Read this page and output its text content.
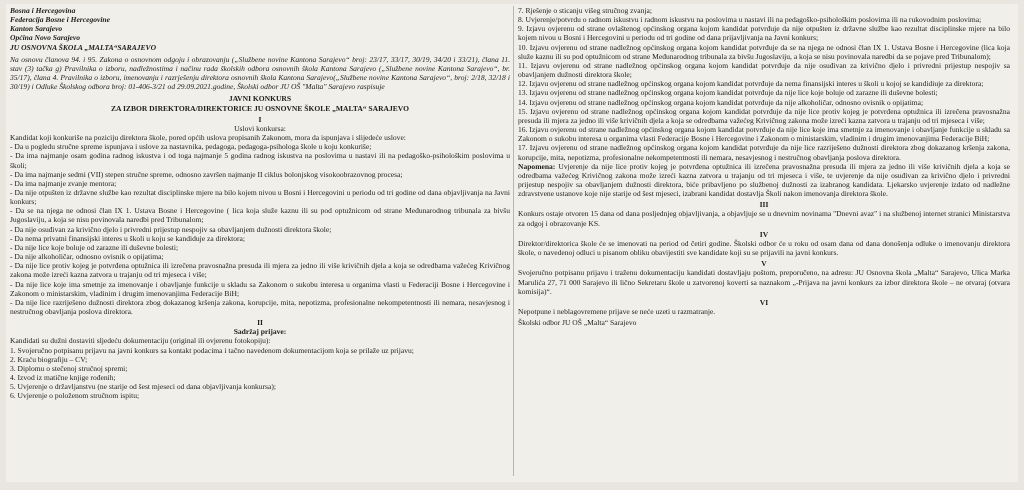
Bosna i Hercegovina

Federacija Bosne i Hercegovine

Kanton Sarajevo

Općina Novo Sarajevo

JU OSNOVNA ŠKOLA „MALTA“SARAJEVO

Na osnovu članova 94. i 95. Zakona o osnovnom odgoju i obrazovanju („Službene novine Kantona Sarajevo“ broj: 23/17, 33/17, 30/19, 34/20 i 33/21), člana 11. stav (3) tačka g) Pravilnika o izboru, nadležnostima i načinu rada školskih odbora osnovnih škola Kantona Sarajevo („Službene novine Kantona Sarajevo“, br. 35/17), člana 4. Pravilnika o izboru, imenovanju i razrješenju direktora osnovnih škola Kantona Sarajevo(„Službene novine Kantona Sarajevo“, broj: 2/18, 32/18 i 30/19) i Odluke Školskog odbora broj: 01-406-3/21 od 29.09.2021.godine, Školski odbor JU OŠ "Malta" Sarajevo raspisuje

JAVNI KONKURS

ZA IZBOR DIREKTORA/DIREKTORICE JU OSNOVNE ŠKOLE „MALTA“ SARAJEVO

I

Uslovi konkursa:

Kandidat koji konkuriše na poziciju direktora škole, pored općih uslova propisanih Zakonom, mora da ispunjava i slijedeće uslove:

- Da u pogledu stručne spreme ispunjava i uslove za nastavnika, pedagoga, pedagoga-psihologa škole u koju konkuriše;

- Da ima najmanje osam godina radnog iskustva i od toga najmanje 5 godina radnog iskustva na poslovima u nastavi ili na pedagoško-psihološkim poslovima u školi;

- Da ima najmanje sedmi (VII) stepen stručne spreme, odnosno završen najmanje II ciklus bolonjskog visokoobrazovnog procesa;

- Da ima najmanje zvanje mentora;

- Da nije otpušten iz državne službe kao rezultat disciplinske mjere na bilo kojem nivou u Bosni i Hercegovini u periodu od tri godine od dana objavljivanja na Javni konkurs;

- Da se na njega ne odnosi član IX 1. Ustava Bosne i Hercegovine ( lica koja služe kaznu ili su pod optužnicom od strane Međunarodnog tribunala za bivšu Jugoslaviju, a koja se nisu povinovala naredbi pred Tribunalom;

- Da nije osuđivan za krivično djelo i privredni prijestup nespojiv sa obavljanjem dužnosti direktora škole;

- Da nema privatni finansijski interes u školi u koju se kandiduje za direktora;

- Da nije lice koje boluje od zarazne ili duševne bolesti;

- Da nije alkoholičar, odnosno ovisnik o opijatima;

- Da nije lice protiv kojeg je potvrđena optužnica ili izrečena pravosnažna presuda ili mjera za jedno ili više krivičnih djela a koja se odredbama važećeg Krivičnog zakona može izreći kazna zatvora u trajanju od tri mjeseca i više;

- Da nije lice koje ima smetnje za imenovanje i obavljanje funkcije u skladu sa Zakonom o sukobu interesa u organima vlasti u Federaciji Bosne i Hercegovine i Zakonom o ministarskim, vladinim i drugim imenovanjima Federacije BiH;

- Da nije lice razriješeno dužnosti direktora zbog dokazanog kršenja zakona, korupcije, mita, nepotizma, profesionalne nekompetentnosti ili nemara, nesavjesnog i nestručnog obavljanja poslova direktora.

II

Sadržaj prijave:

Kandidati su dužni dostaviti sljedeću dokumentaciju (original ili ovjerenu fotokopiju):

1. Svojeručno potpisanu prijavu na javni konkurs sa kontakt podacima i tačno navedenom dokumentacijom koja se prilaže uz prijavu;

2. Kraću biografiju – CV;

3. Diplomu o stečenoj stručnoj spremi;

4. Izvod iz matične knjige rođenih;

5. Uvjerenje o državljanstvu (ne starije od šest mjeseci od dana objavljivanja konkursa);

6. Uvjerenje o položenom stručnom ispitu;

7. Rješenje o sticanju višeg stručnog zvanja;

8. Uvjerenje/potvrdu o radnom iskustvu i radnom iskustvu na poslovima u nastavi ili na pedagoško-psihološkim poslovima ili na rukovodnim poslovima;

9. Izjavu ovjerenu od strane ovlaštenog općinskog organa kojom kandidat potvrđuje da nije otpušten iz državne službe kao rezultat disciplinske mjere na bilo kojem nivou u Bosni i Hercegovini u periodu od tri godine od dana prijavljivanja na Javni konkurs;

10. Izjavu ovjerenu od strane nadležnog općinskog organa kojom kandidat potvrđuje da se na njega ne odnosi član IX 1. Ustava Bosne i Hercegovine (lica koja služe kaznu ili su pod optužnicom od strane Međunarodnog tribunala za bivšu Jugoslaviju, a koja se nisu povinovala naredbi da se pojave pred Tribunalom);

11. Izjavu ovjerenu od strane nadležnog općinskog organa kojom kandidat potvrđuje da nije osuđivan za krivično djelo i privredni prijestup nespojiv sa obavljanjem dužnosti direktora škole;

12. Izjavu ovjerenu od strane nadležnog općinskog organa kojom kandidat potvrđuje da nema finansijski interes u školi u kojoj se kandidiuje za direktora;

13. Izjavu ovjerenu od strane nadležnog općinskog organa kojom kandidat potvrđuje da nije lice koje boluje od zarazne ili duševne bolesti;

14. Izjavu ovjerenu od strane nadležnog općinskog organa kojom kandidat potvrđuje da nije alkoholičar, odnosno ovisnik o opijatima;

15. Izjavu ovjerenu od strane nadležnog općinskog organa kojom kandidat potvrđuje da nije lice protiv kojeg je potvrđena optužnica ili izrečena pravosnažna presuda ili mjera za jedno ili više krivičnih djela a koja se odredbama važećeg Krivičnog zakona može izreći kazna zatvora u trajanju od tri mjeseca i više;

16. Izjavu ovjerenu od strane nadležnog općinskog organa kojom kandidat potvrđuje da nije lice koje ima smetnje za imenovanje i obavljanje funkcije u skladu sa Zakonom o sukobu interesa u organima vlasti Federacije Bosne i Hercegovine i Zakonom o ministarskim, vladinim i drugim imenovanjima Federacije BiH;

17. Izjavu ovjerenu od strane nadležnog općinskog organa kojom kandidat potvrđuje da nije lice razriješeno dužnosti direktora zbog dokazanog kršenja zakona, korupcije, mita, nepotizma, profesionalne nekompetentnosti ili nemara, nesavjesnog i nestručnog obavljanja poslova direktora.

Napomena: Uvjerenje da nije lice protiv kojeg je potvrđena optužnica ili izrečena pravosnažna presuda ili mjera za jedno ili više krivičnih djela a koja se odredbama važećeg Krivičnog zakona može izreći kazna zatvora u trajanju od tri mjeseca i više, te uvjerenje da nije osuđivan za krivično djelo i privredni prijestup nespojiv sa obavljanjem dužnosti direktora, biće pribavljeno po službenoj dužnosti za izabranog kandidata. Ljekarsko uvjerenje izdato od nadležne zdravstvene ustanove koje nije starije od šest mjeseci, izabrani kandidat dostavlja Školi nakon imenovanja direktora škole.

III

Konkurs ostaje otvoren 15 dana od dana posljednjeg objavljivanja, a objavljuje se u dnevnim novinama "Dnevni avaz" i na službenoj internet stranici Ministarstva za odgoj i obrazovanje KS.

IV

Direktor/direktorica škole će se imenovati na period od četiri godine. Školski odbor će u roku od osam dana od dana donošenja odluke o imenovanju direktora škole, o navedenoj odluci u pisanom obliku obavijestiti sve kandidate koji su se prijavili na javni konkurs.

V

Svojeručno potpisanu prijavu i traženu dokumentaciju kandidati dostavljaju poštom, preporučeno, na adresu: JU Osnovna škola „Malta“ Sarajevo, Ulica Marka Marulića 27, 71 000 Sarajevo ili lično Sekretaru škole u zatvorenoj koverti sa naznakom „-Prijava na javni konkurs za izbor direktora škole – ne otvaraj (otvara komisija)“.

VI

Nepotpune i neblagovremene prijave se neće uzeti u razmatranje.

Školski odbor JU OŠ „Malta“ Sarajevo
